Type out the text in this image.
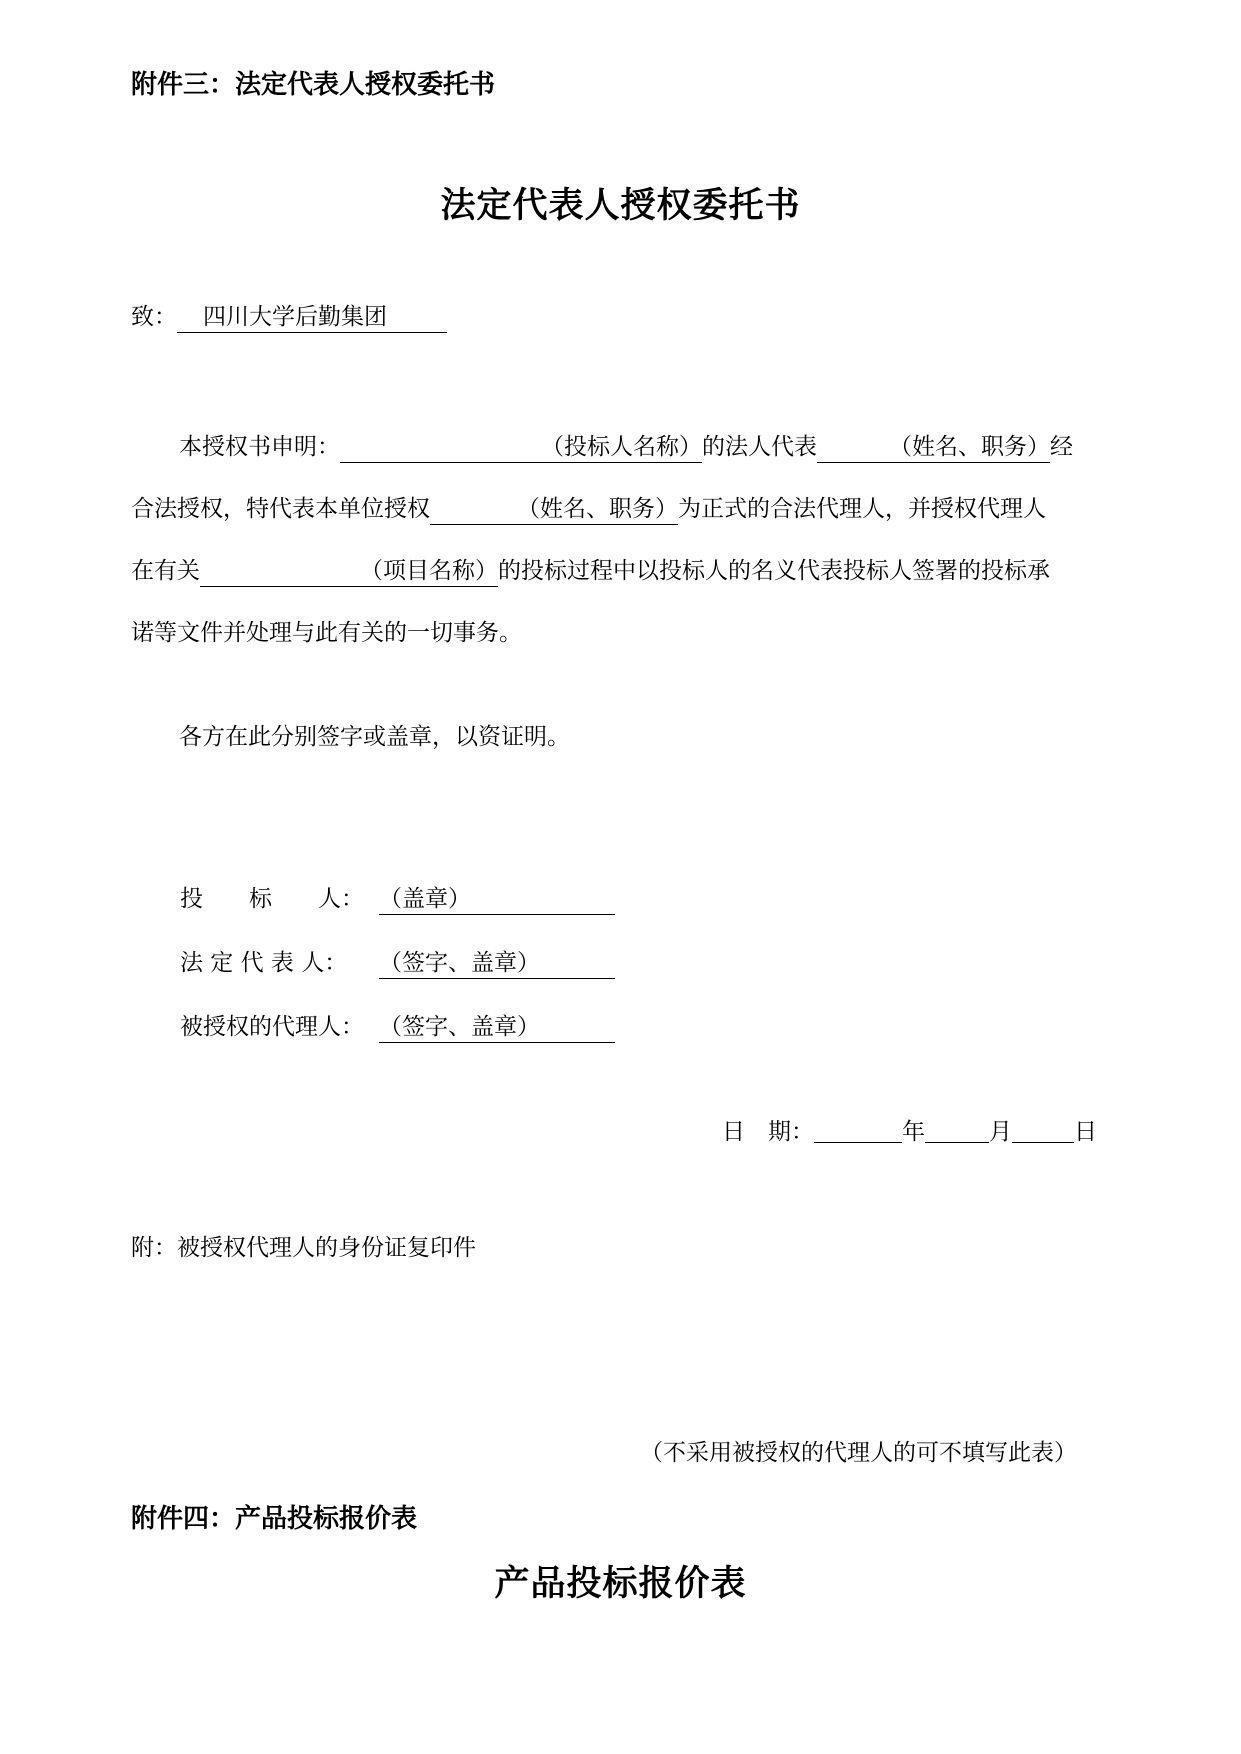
附件三：法定代表人授权委托书
法定代表人授权委托书
致： 四川大学后勤集团
本授权书申明：	（投标人名称）的法人代表	（姓名、职务）经
合法授权，特代表本单位授权	（姓名、职务）为正式的合法代理人，并授权代理人
在有关	（项目名称）的投标过程中以投标人的名义代表投标人签署的投标承
诺等文件并处理与此有关的一切事务。
各方在此分别签字或盖章，以资证明。
投　　标　　人： （盖章）
法 定 代 表 人： （签字、盖章）
被授权的代理人： （签字、盖章）
日　期：	年	月	日
附：被授权代理人的身份证复印件
（不采用被授权的代理人的可不填写此表）
附件四：产品投标报价表
产品投标报价表
